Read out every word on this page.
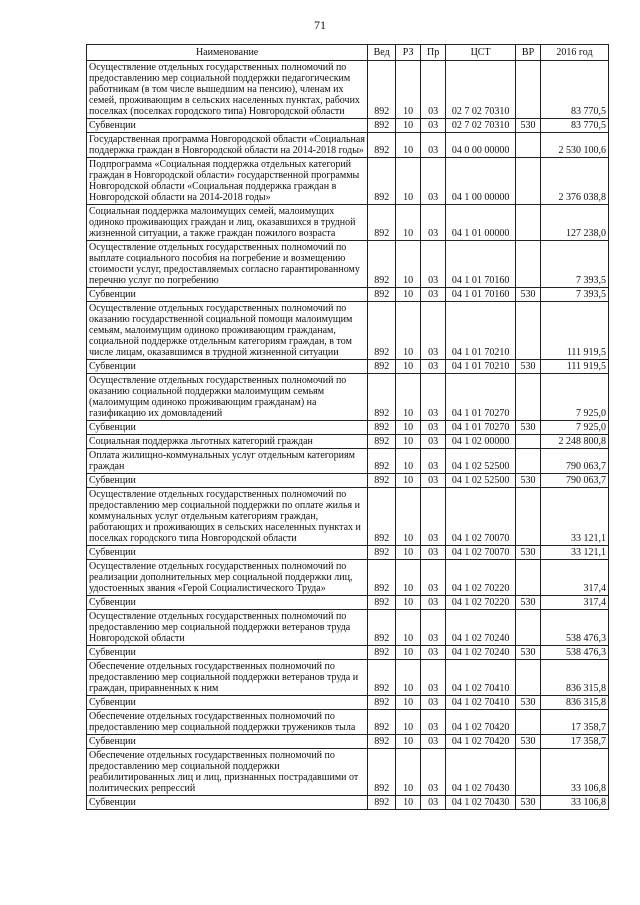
71
Наименование	Вед	РЗ	Пр	ЦСТ	ВР	2016 год
Осуществление отдельных государственных полномочий по предоставлению мер социальной поддержки педагогическим работникам (в том числе вышедшим на пенсию), членам их семей, проживающим в сельских населенных пунктах, рабочих поселках (поселках городского типа) Новгородской области	892	10	03	02 7 02 70310		83 770,5
Субвенции	892	10	03	02 7 02 70310	530	83 770,5
Государственная программа Новгородской области «Социальная поддержка граждан в Новгородской области на 2014-2018 годы»	892	10	03	04 0 00 00000		2 530 100,6
Подпрограмма «Социальная поддержка отдельных категорий граждан в Новгородской области» государственной программы Новгородской области «Социальная поддержка граждан в Новгородской области на 2014-2018 годы»	892	10	03	04 1 00 00000		2 376 038,8
Социальная поддержка малоимущих семей, малоимущих одиноко проживающих граждан и лиц, оказавшихся в трудной жизненной ситуации, а также граждан пожилого возраста	892	10	03	04 1 01 00000		127 238,0
Осуществление отдельных государственных полномочий по выплате социального пособия на погребение и возмещению стоимости услуг, предоставляемых согласно гарантированному перечню услуг по погребению	892	10	03	04 1 01 70160		7 393,5
Субвенции	892	10	03	04 1 01 70160	530	7 393,5
Осуществление отдельных государственных полномочий по оказанию государственной социальной помощи малоимущим семьям, малоимущим одиноко проживающим гражданам, социальной поддержке отдельным категориям граждан, в том числе лицам, оказавшимся в трудной жизненной ситуации	892	10	03	04 1 01 70210		111 919,5
Субвенции	892	10	03	04 1 01 70210	530	111 919,5
Осуществление отдельных государственных полномочий по оказанию социальной поддержки малоимущим семьям (малоимущим одиноко проживающим гражданам) на газификацию их домовладений	892	10	03	04 1 01 70270		7 925,0
Субвенции	892	10	03	04 1 01 70270	530	7 925,0
Социальная поддержка льготных категорий граждан	892	10	03	04 1 02 00000		2 248 800,8
Оплата жилищно-коммунальных услуг отдельным категориям граждан	892	10	03	04 1 02 52500		790 063,7
Субвенции	892	10	03	04 1 02 52500	530	790 063,7
Осуществление отдельных государственных полномочий по предоставлению мер социальной поддержки по оплате жилья и коммунальных услуг отдельным категориям граждан, работающих и проживающих в сельских населенных пунктах и поселках городского типа Новгородской области	892	10	03	04 1 02 70070		33 121,1
Субвенции	892	10	03	04 1 02 70070	530	33 121,1
Осуществление отдельных государственных полномочий по реализации дополнительных мер социальной поддержки лиц, удостоенных звания «Герой Социалистического Труда»	892	10	03	04 1 02 70220		317,4
Субвенции	892	10	03	04 1 02 70220	530	317,4
Осуществление отдельных государственных полномочий по предоставлению мер социальной поддержки ветеранов труда Новгородской области	892	10	03	04 1 02 70240		538 476,3
Субвенции	892	10	03	04 1 02 70240	530	538 476,3
Обеспечение отдельных государственных полномочий по предоставлению мер социальной поддержки ветеранов труда и граждан, приравненных к ним	892	10	03	04 1 02 70410		836 315,8
Субвенции	892	10	03	04 1 02 70410	530	836 315,8
Обеспечение отдельных государственных полномочий по предоставлению мер социальной поддержки тружеников тыла	892	10	03	04 1 02 70420		17 358,7
Субвенции	892	10	03	04 1 02 70420	530	17 358,7
Обеспечение отдельных государственных полномочий по предоставлению мер социальной поддержки реабилитированных лиц и лиц, признанных пострадавшими от политических репрессий	892	10	03	04 1 02 70430		33 106,8
Субвенции	892	10	03	04 1 02 70430	530	33 106,8
